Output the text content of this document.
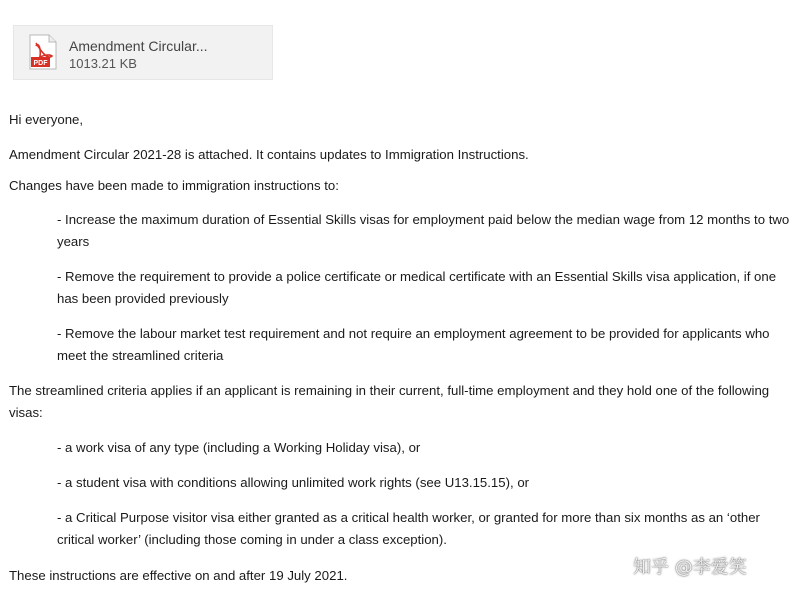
PDF
Amendment Circular...
1013.21 KB

Hi everyone,

Amendment Circular 2021-28 is attached. It contains updates to Immigration Instructions.

Changes have been made to immigration instructions to:

- Increase the maximum duration of Essential Skills visas for employment paid below the median wage from 12 months to two years

- Remove the requirement to provide a police certificate or medical certificate with an Essential Skills visa application, if one has been provided previously

- Remove the labour market test requirement and not require an employment agreement to be provided for applicants who meet the streamlined criteria

The streamlined criteria applies if an applicant is remaining in their current, full-time employment and they hold one of the following visas:

- a work visa of any type (including a Working Holiday visa), or

- a student visa with conditions allowing unlimited work rights (see U13.15.15), or

- a Critical Purpose visitor visa either granted as a critical health worker, or granted for more than six months as an ‘other critical worker’ (including those coming in under a class exception).

These instructions are effective on and after 19 July 2021.	知乎 @李爱笑
